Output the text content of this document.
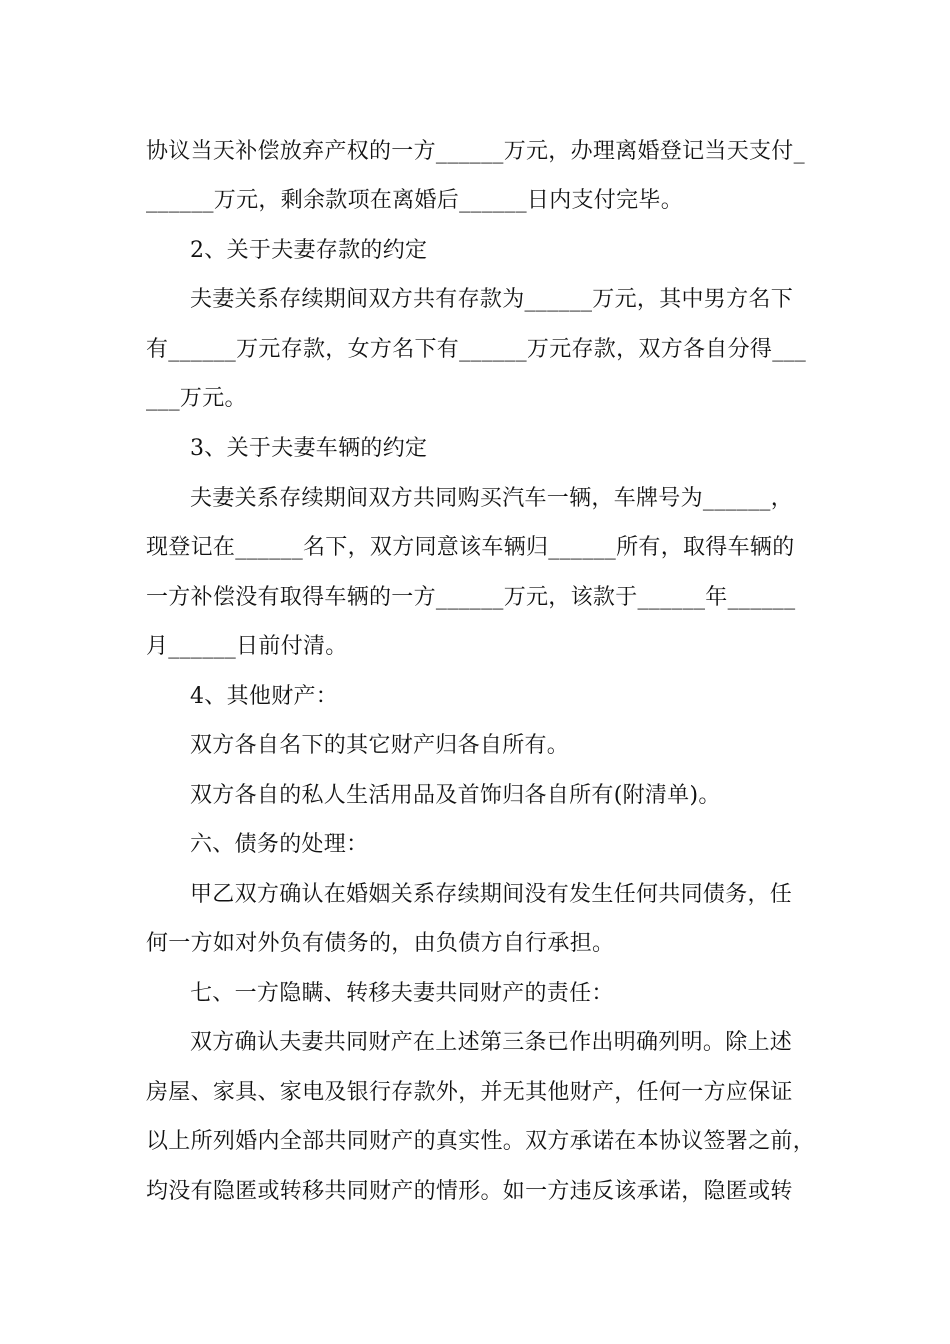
协议当天补偿放弃产权的一方______万元，办理离婚登记当天支付_
______万元，剩余款项在离婚后______日内支付完毕。
2、关于夫妻存款的约定
夫妻关系存续期间双方共有存款为______万元，其中男方名下
有______万元存款，女方名下有______万元存款，双方各自分得___
___万元。
3、关于夫妻车辆的约定
夫妻关系存续期间双方共同购买汽车一辆，车牌号为______，
现登记在______名下，双方同意该车辆归______所有，取得车辆的
一方补偿没有取得车辆的一方______万元，该款于______年______
月______日前付清。
4、其他财产：
双方各自名下的其它财产归各自所有。
双方各自的私人生活用品及首饰归各自所有(附清单)。
六、债务的处理：
甲乙双方确认在婚姻关系存续期间没有发生任何共同债务，任
何一方如对外负有债务的，由负债方自行承担。
七、一方隐瞒、转移夫妻共同财产的责任：
双方确认夫妻共同财产在上述第三条已作出明确列明。除上述
房屋、家具、家电及银行存款外，并无其他财产，任何一方应保证
以上所列婚内全部共同财产的真实性。双方承诺在本协议签署之前，
均没有隐匿或转移共同财产的情形。如一方违反该承诺，隐匿或转
